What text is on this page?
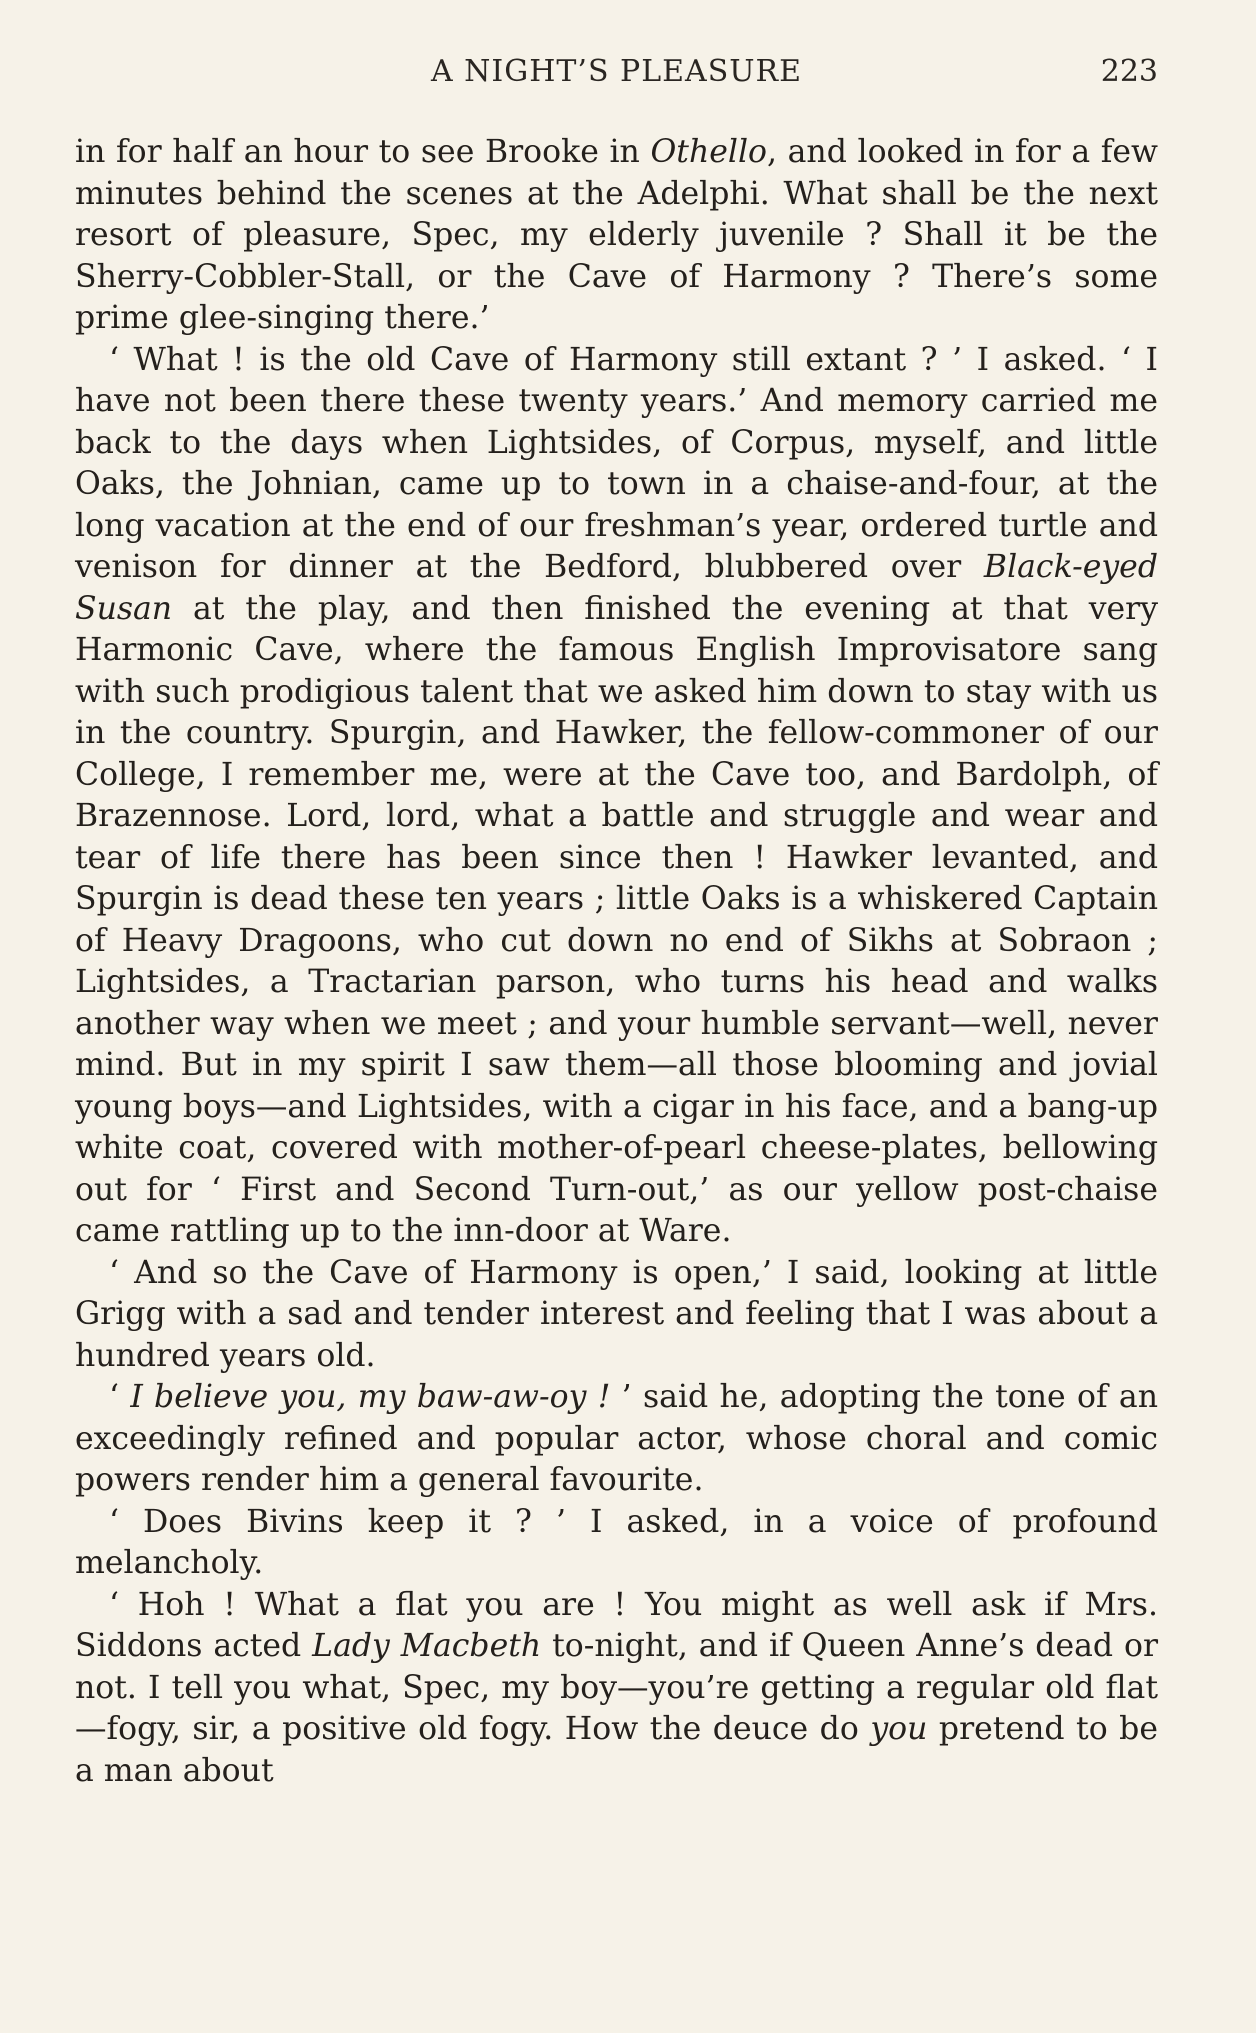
A NIGHT’S PLEASURE	223

in for half an hour to see Brooke in Othello, and looked in for a few minutes behind the scenes at the Adelphi. What shall be the next resort of pleasure, Spec, my elderly juvenile ? Shall it be the Sherry-Cobbler-Stall, or the Cave of Harmony ? There’s some prime glee-singing there.’

‘ What ! is the old Cave of Harmony still extant ? ’ I asked. ‘ I have not been there these twenty years.’ And memory carried me back to the days when Lightsides, of Corpus, myself, and little Oaks, the Johnian, came up to town in a chaise-and-four, at the long vacation at the end of our freshman’s year, ordered turtle and venison for dinner at the Bedford, blubbered over Black-eyed Susan at the play, and then finished the evening at that very Harmonic Cave, where the famous English Improvisatore sang with such prodigious talent that we asked him down to stay with us in the country. Spurgin, and Hawker, the fellow-commoner of our College, I remember me, were at the Cave too, and Bardolph, of Brazennose. Lord, lord, what a battle and struggle and wear and tear of life there has been since then ! Hawker levanted, and Spurgin is dead these ten years ; little Oaks is a whiskered Captain of Heavy Dragoons, who cut down no end of Sikhs at Sobraon ; Lightsides, a Tractarian parson, who turns his head and walks another way when we meet ; and your humble servant—well, never mind. But in my spirit I saw them—all those blooming and jovial young boys—and Lightsides, with a cigar in his face, and a bang-up white coat, covered with mother-of-pearl cheese-plates, bellowing out for ‘ First and Second Turn-out,’ as our yellow post-chaise came rattling up to the inn-door at Ware.

‘ And so the Cave of Harmony is open,’ I said, looking at little Grigg with a sad and tender interest and feeling that I was about a hundred years old.

‘ I believe you, my baw-aw-oy ! ’ said he, adopting the tone of an exceedingly refined and popular actor, whose choral and comic powers render him a general favourite.

‘ Does Bivins keep it ? ’ I asked, in a voice of profound melancholy.

‘ Hoh ! What a flat you are ! You might as well ask if Mrs. Siddons acted Lady Macbeth to-night, and if Queen Anne’s dead or not. I tell you what, Spec, my boy—you’re getting a regular old flat—fogy, sir, a positive old fogy. How the deuce do you pretend to be a man about
